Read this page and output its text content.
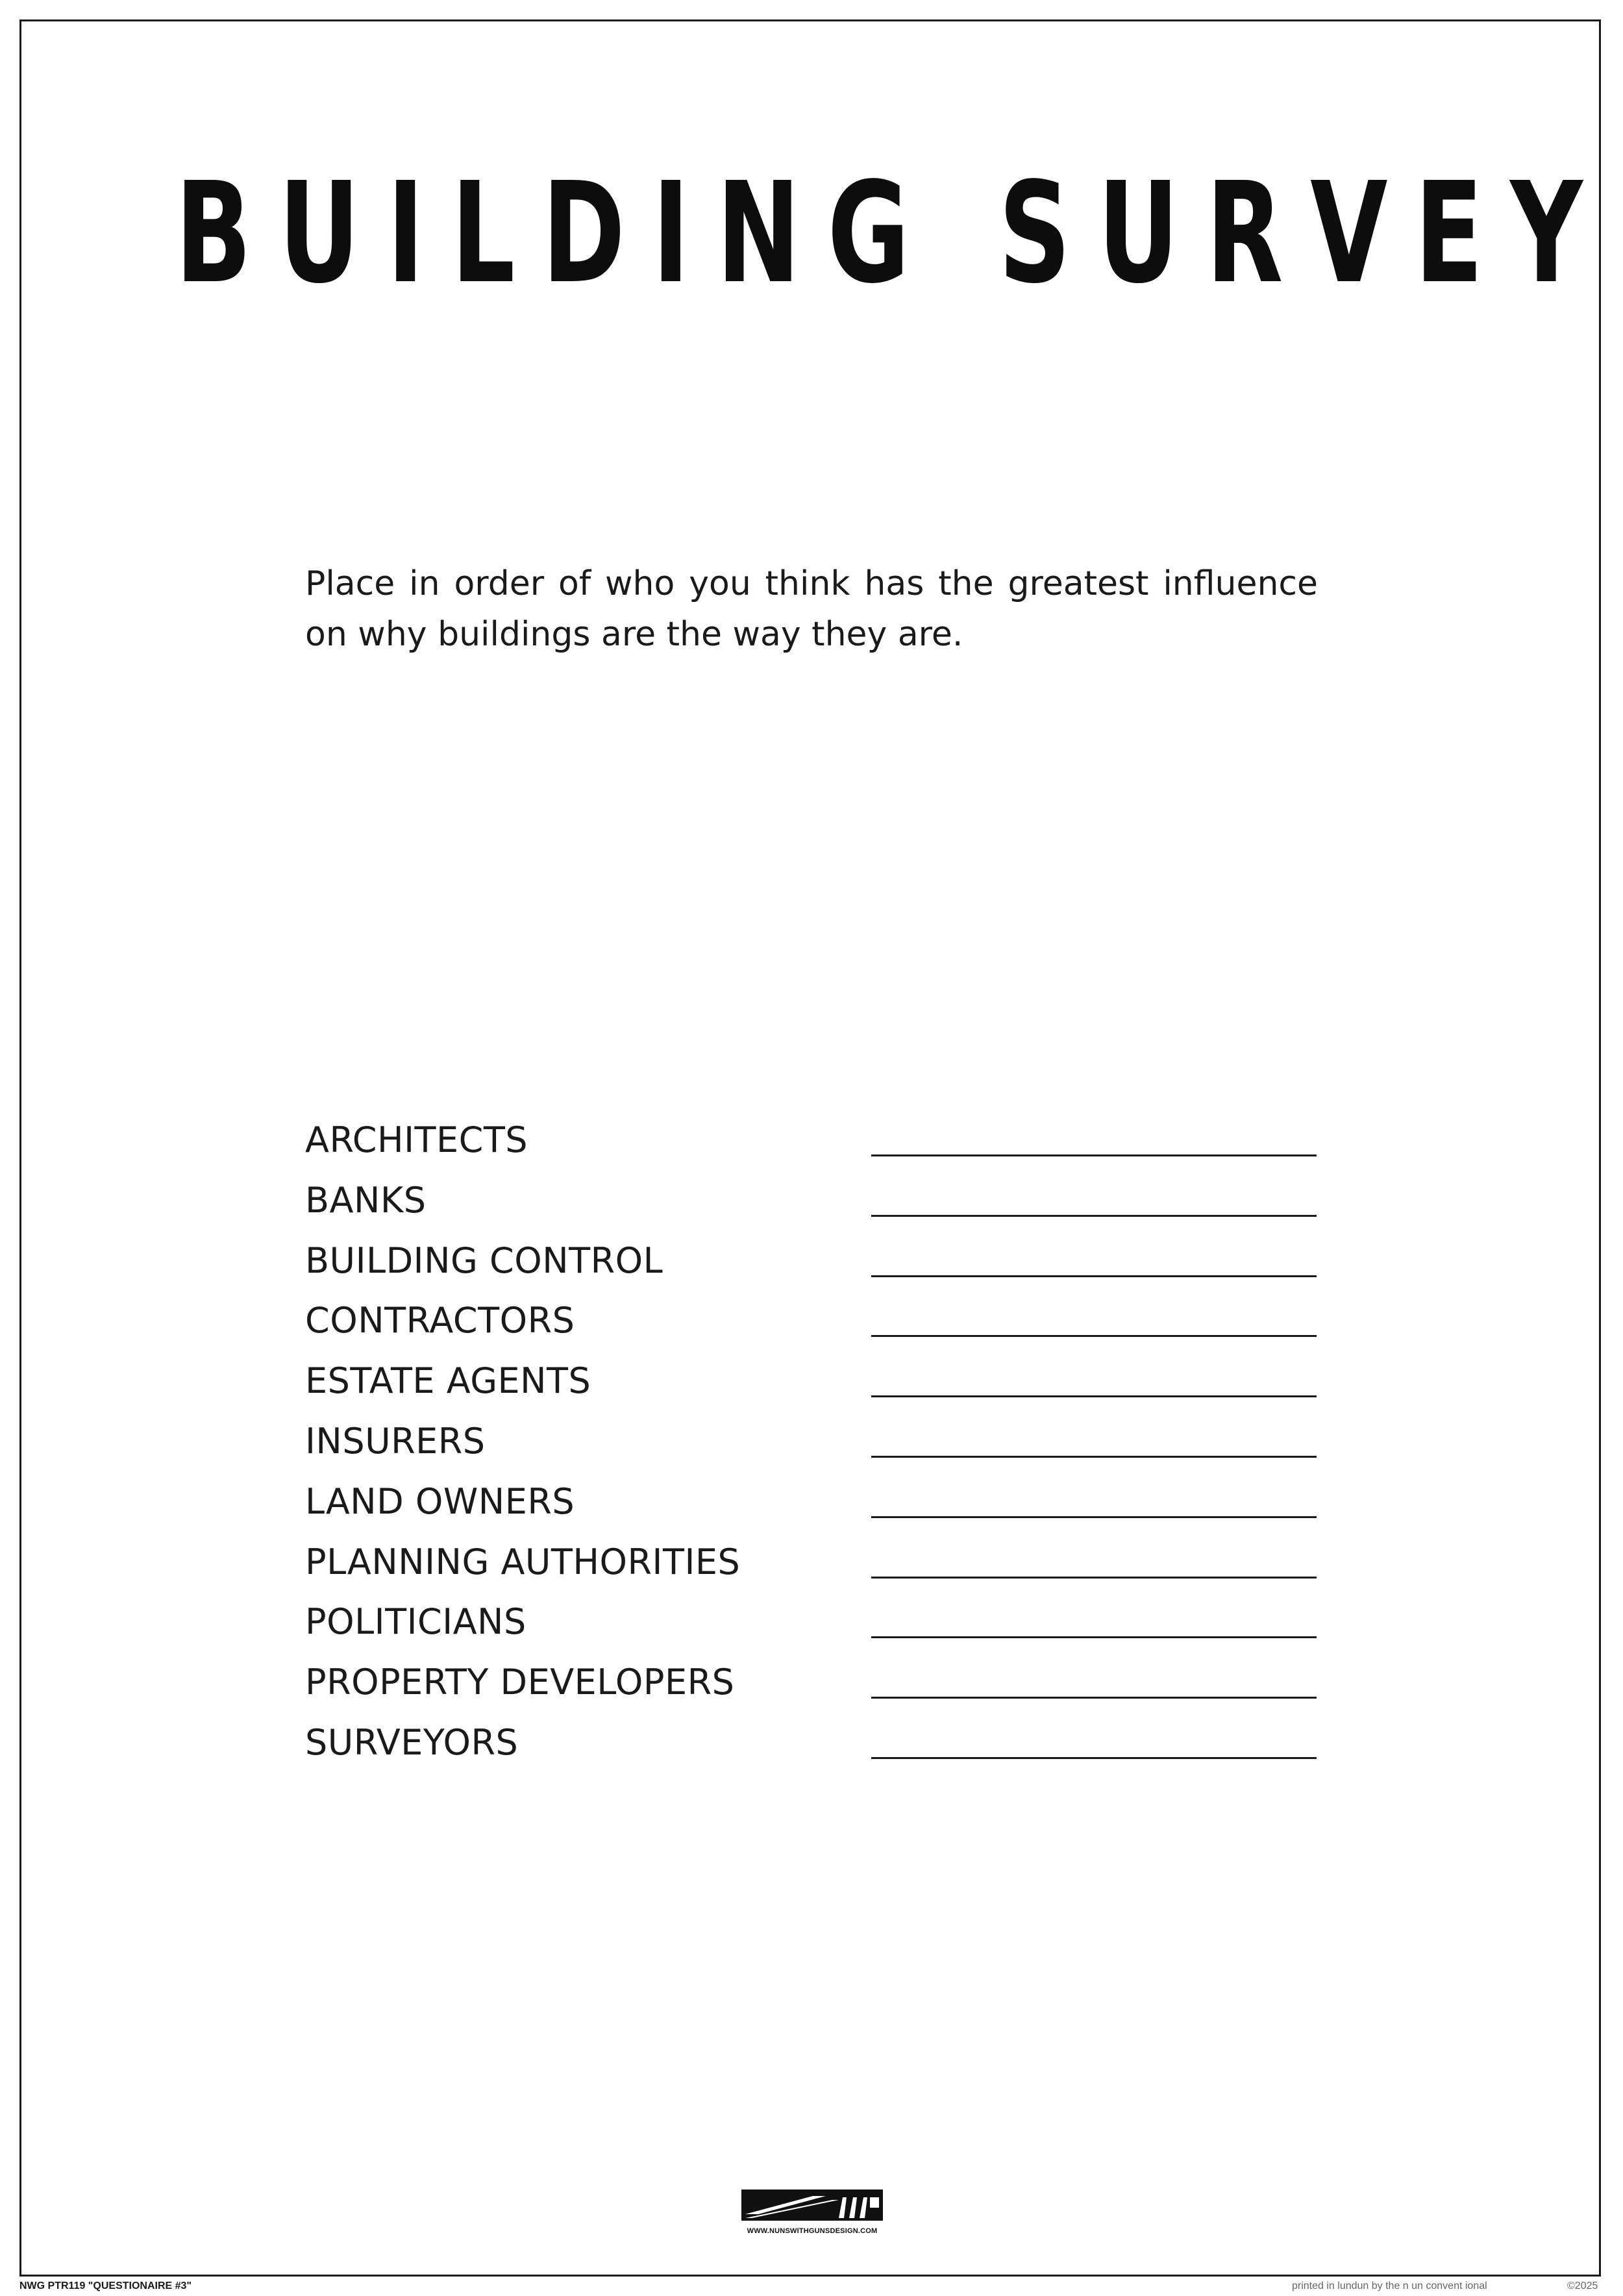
BUILDING SURVEY

Place in order of who you think has the greatest influence on why buildings are the way they are.

ARCHITECTS
BANKS
BUILDING CONTROL
CONTRACTORS
ESTATE AGENTS
INSURERS
LAND OWNERS
PLANNING AUTHORITIES
POLITICIANS
PROPERTY DEVELOPERS
SURVEYORS
WWW.NUNSWITHGUNSDESIGN.COM
NWG PTR119 "QUESTIONAIRE #3"	printed in lundun by the n un convent ional	©2025
